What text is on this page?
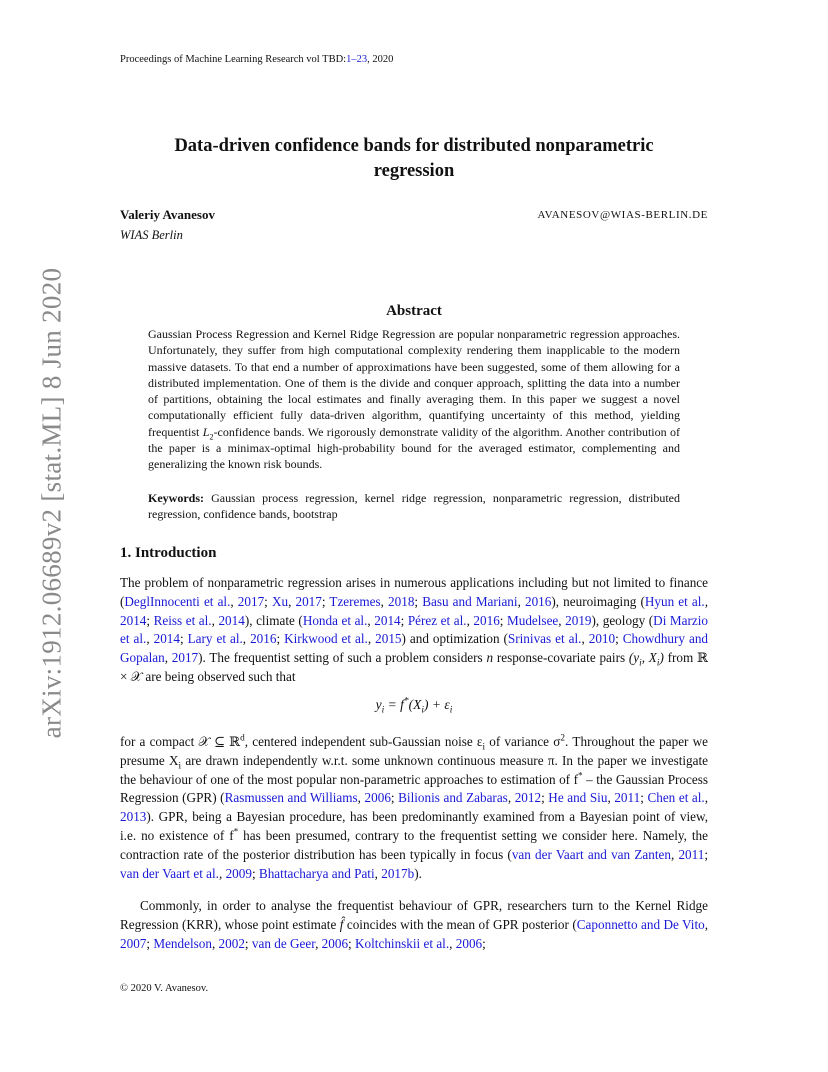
Proceedings of Machine Learning Research vol TBD:1–23, 2020
arXiv:1912.06689v2 [stat.ML] 8 Jun 2020
Data-driven confidence bands for distributed nonparametric
regression
Valeriy Avanesov
WIAS Berlin
AVANESOV@WIAS-BERLIN.DE
Abstract

Gaussian Process Regression and Kernel Ridge Regression are popular nonparametric regression approaches. Unfortunately, they suffer from high computational complexity rendering them inapplicable to the modern massive datasets. To that end a number of approximations have been suggested, some of them allowing for a distributed implementation. One of them is the divide and conquer approach, splitting the data into a number of partitions, obtaining the local estimates and finally averaging them. In this paper we suggest a novel computationally efficient fully data-driven algorithm, quantifying uncertainty of this method, yielding frequentist $L_2$-confidence bands. We rigorously demonstrate validity of the algorithm. Another contribution of the paper is a minimax-optimal high-probability bound for the averaged estimator, complementing and generalizing the known risk bounds.

Keywords: Gaussian process regression, kernel ridge regression, nonparametric regression, distributed regression, confidence bands, bootstrap

1. Introduction

The problem of nonparametric regression arises in numerous applications including but not limited to finance (DeglInnocenti et al., 2017; Xu, 2017; Tzeremes, 2018; Basu and Mariani, 2016), neuroimaging (Hyun et al., 2014; Reiss et al., 2014), climate (Honda et al., 2014; Pérez et al., 2016; Mudelsee, 2019), geology (Di Marzio et al., 2014; Lary et al., 2016; Kirkwood et al., 2015) and optimization (Srinivas et al., 2010; Chowdhury and Gopalan, 2017). The frequentist setting of such a problem considers n response-covariate pairs ($y_i$, $X_i$) from ℝ × 𝒳 are being observed such that

$y_i = f^*(X_i) + \varepsilon_i$

for a compact 𝒳 ⊆ ℝ$^d$, centered independent sub-Gaussian noise $\varepsilon_i$ of variance $\sigma^2$. Throughout the paper we presume $X_i$ are drawn independently w.r.t. some unknown continuous measure π. In the paper we investigate the behaviour of one of the most popular non-parametric approaches to estimation of f* – the Gaussian Process Regression (GPR) (Rasmussen and Williams, 2006; Bilionis and Zabaras, 2012; He and Siu, 2011; Chen et al., 2013). GPR, being a Bayesian procedure, has been predominantly examined from a Bayesian point of view, i.e. no existence of f* has been presumed, contrary to the frequentist setting we consider here. Namely, the contraction rate of the posterior distribution has been typically in focus (van der Vaart and van Zanten, 2011; van der Vaart et al., 2009; Bhattacharya and Pati, 2017b).

Commonly, in order to analyse the frequentist behaviour of GPR, researchers turn to the Kernel Ridge Regression (KRR), whose point estimate f̂ coincides with the mean of GPR posterior (Caponnetto and De Vito, 2007; Mendelson, 2002; van de Geer, 2006; Koltchinskii et al., 2006;

© 2020 V. Avanesov.
